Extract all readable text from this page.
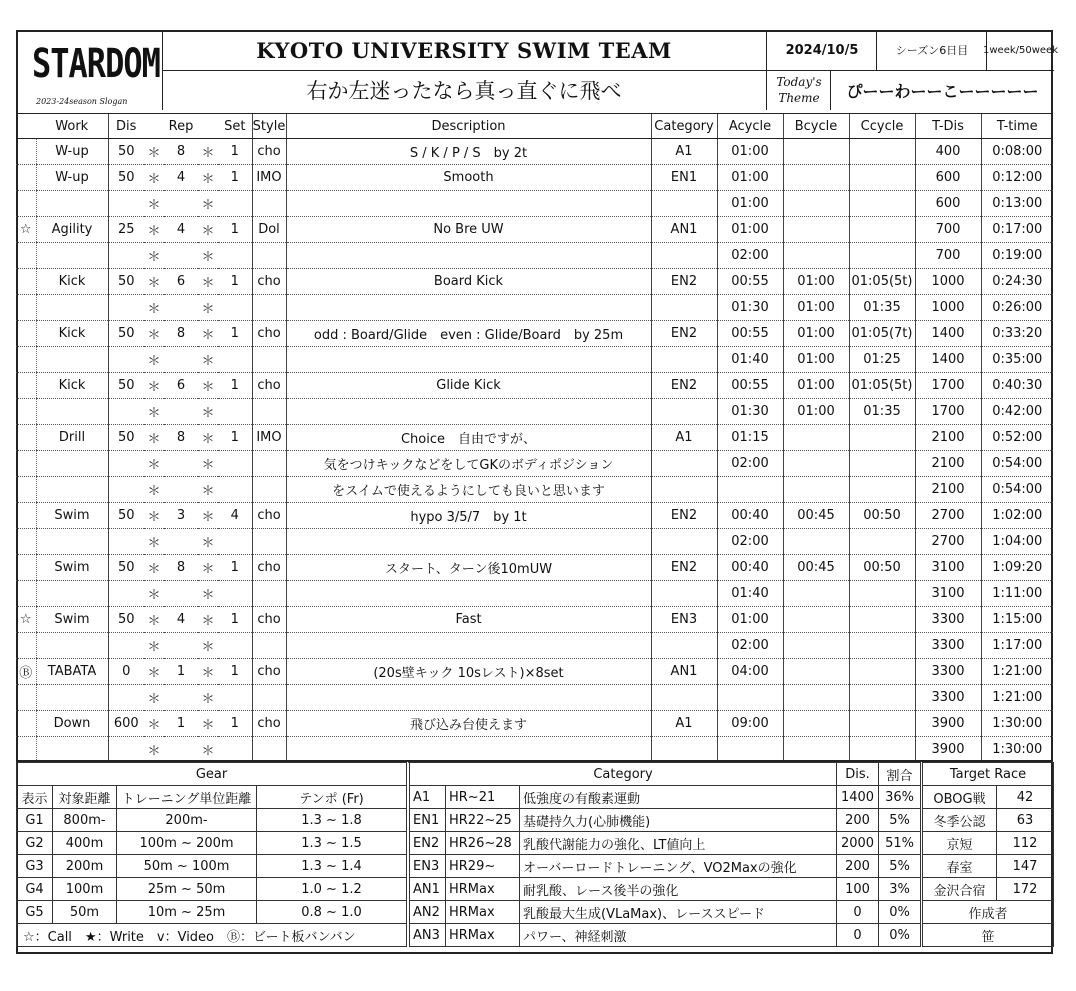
STARDOM
2023-24season Slogan
KYOTO UNIVERSITY SWIM TEAM
右か左迷ったなら真っ直ぐに飛べ
2024/10/5	シーズン6日目	1week/50week
Today's
Theme	ぴーーわーーこーーーーー
	Work	Dis		Rep		Set	Style	Description	Category	Acycle	Bcycle	Ccycle	T-Dis	T-time
	W-up	50	＊	8	＊	1	cho	S / K / P / S　by 2t	A1	01:00			400	0:08:00
	W-up	50	＊	4	＊	1	IMO	Smooth	EN1	01:00			600	0:12:00
			＊		＊					01:00			600	0:13:00
☆	Agility	25	＊	4	＊	1	Dol	No Bre UW	AN1	01:00			700	0:17:00
			＊		＊					02:00			700	0:19:00
	Kick	50	＊	6	＊	1	cho	Board Kick	EN2	00:55	01:00	01:05(5t)	1000	0:24:30
			＊		＊					01:30	01:00	01:35	1000	0:26:00
	Kick	50	＊	8	＊	1	cho	odd : Board/Glide　even : Glide/Board　by 25m	EN2	00:55	01:00	01:05(7t)	1400	0:33:20
			＊		＊					01:40	01:00	01:25	1400	0:35:00
	Kick	50	＊	6	＊	1	cho	Glide Kick	EN2	00:55	01:00	01:05(5t)	1700	0:40:30
			＊		＊					01:30	01:00	01:35	1700	0:42:00
	Drill	50	＊	8	＊	1	IMO	Choice　自由ですが、	A1	01:15			2100	0:52:00
			＊		＊			気をつけキックなどをしてGKのボディポジション		02:00			2100	0:54:00
			＊		＊			をスイムで使えるようにしても良いと思います					2100	0:54:00
	Swim	50	＊	3	＊	4	cho	hypo 3/5/7　by 1t	EN2	00:40	00:45	00:50	2700	1:02:00
			＊		＊					02:00			2700	1:04:00
	Swim	50	＊	8	＊	1	cho	スタート、ターン後10mUW	EN2	00:40	00:45	00:50	3100	1:09:20
			＊		＊					01:40			3100	1:11:00
☆	Swim	50	＊	4	＊	1	cho	Fast	EN3	01:00			3300	1:15:00
			＊		＊					02:00			3300	1:17:00
Ⓑ	TABATA	0	＊	1	＊	1	cho	(20s壁キック 10sレスト)×8set	AN1	04:00			3300	1:21:00
			＊		＊								3300	1:21:00
	Down	600	＊	1	＊	1	cho	飛び込み台使えます	A1	09:00			3900	1:30:00
			＊		＊								3900	1:30:00
Gear			
表示	対象距離	トレーニング単位距離	テンポ (Fr)
G1	800m-	200m-	1.3 ~ 1.8
G2	400m	100m ~ 200m	1.3 ~ 1.5
G3	200m	50m ~ 100m	1.3 ~ 1.4
G4	100m	25m ~ 50m	1.0 ~ 1.2
G5	50m	10m ~ 25m	0.8 ~ 1.0
☆：Call　★：Write　v：Video　Ⓑ：ビート板バンバン			
Category			Dis.	割合
A1	HR~21	低強度の有酸素運動	1400	36%
EN1	HR22~25	基礎持久力(心肺機能)	200	5%
EN2	HR26~28	乳酸代謝能力の強化、LT値向上	2000	51%
EN3	HR29~	オーバーロードトレーニング、VO2Maxの強化	200	5%
AN1	HRMax	耐乳酸、レース後半の強化	100	3%
AN2	HRMax	乳酸最大生成(VLaMax)、レーススピード	0	0%
AN3	HRMax	パワー、神経刺激	0	0%
Target Race	
OBOG戦	42
冬季公認	63
京短	112
春室	147
金沢合宿	172
作成者	
笹	
